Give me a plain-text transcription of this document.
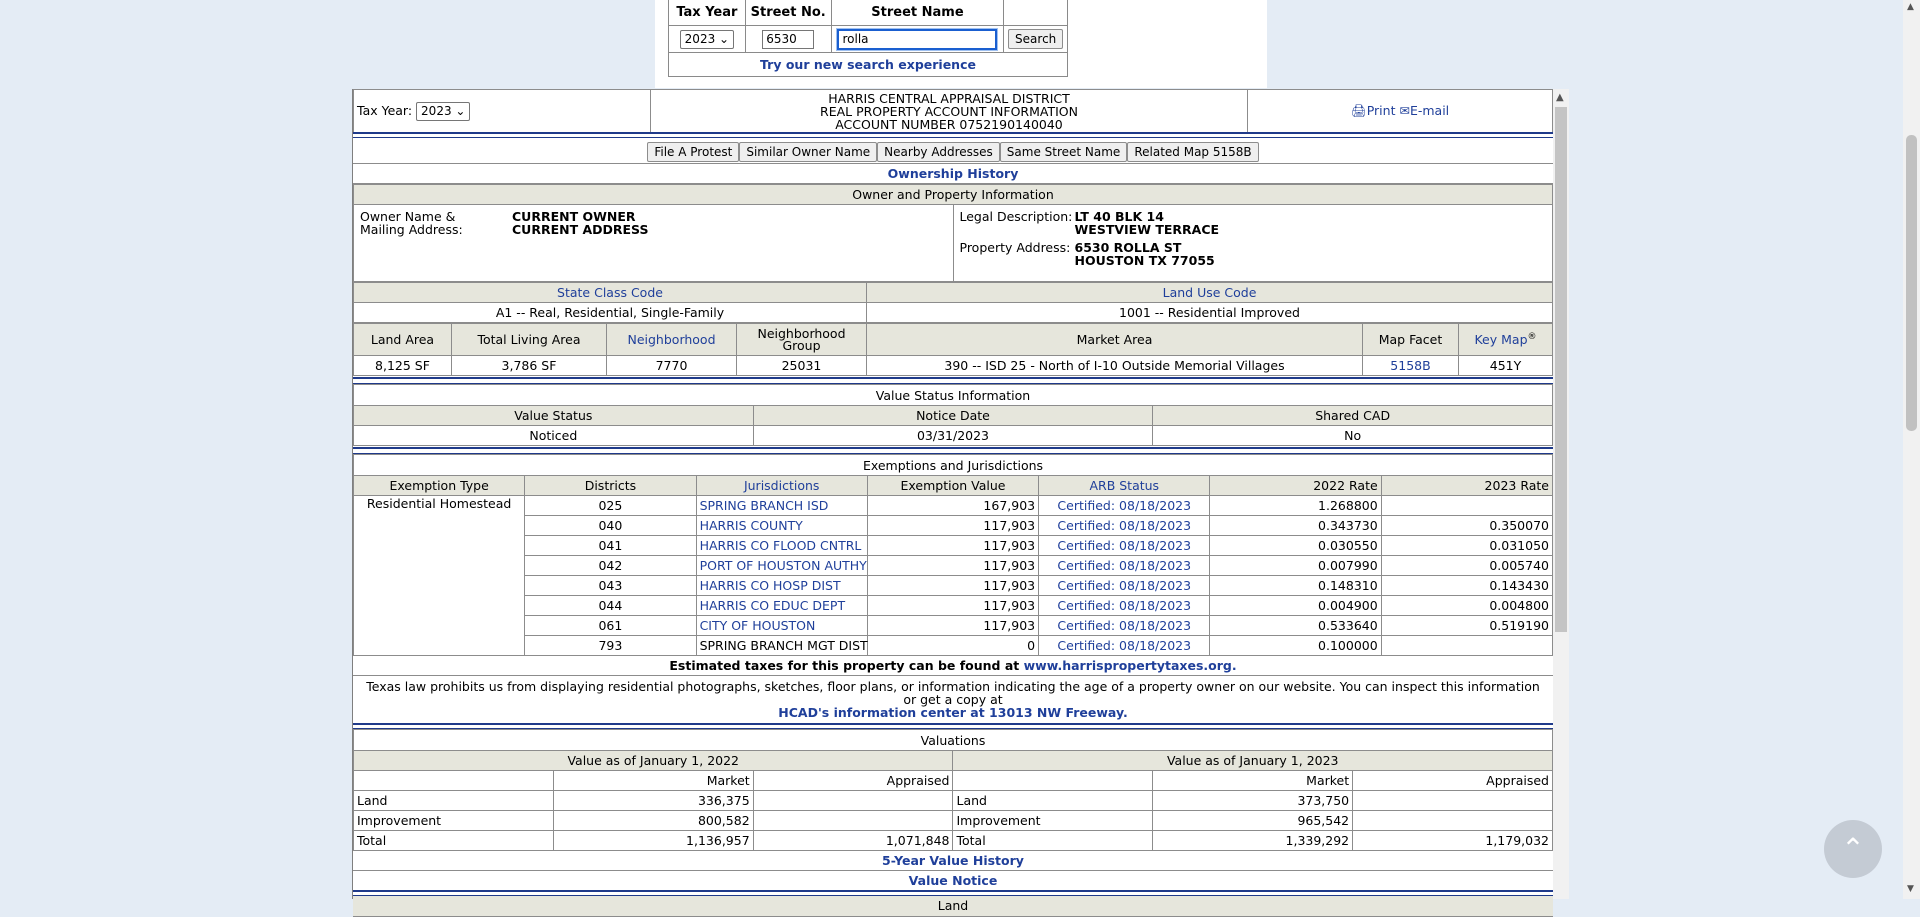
Tax Year	Street No.	Street Name	
2023 ⌄	6530	rolla	Search
Try our new search experience			
Tax Year: 2023 ⌄	
HARRIS CENTRAL APPRAISAL DISTRICT
REAL PROPERTY ACCOUNT INFORMATION
ACCOUNT NUMBER 0752190140040
	🖨Print ✉E-mail
File A Protest Similar Owner Name Nearby Addresses Same Street Name Related Map 5158B
Ownership History
Owner and Property Information

Owner Name &
Mailing Address:
CURRENT OWNER
CURRENT ADDRESS

Legal Description: LT 40 BLK 14
WESTVIEW TERRACE
Property Address: 6530 ROLLA ST
HOUSTON TX 77055
State Class Code	Land Use Code
A1 -- Real, Residential, Single-Family	1001 -- Residential Improved
Land Area	Total Living Area	Neighborhood	Neighborhood Group	Market Area	Map Facet	Key Map®
8,125 SF	3,786 SF	7770	25031	390 -- ISD 25 - North of I-10 Outside Memorial Villages	5158B	451Y
Value Status Information		
Value Status	Notice Date	Shared CAD
Noticed	03/31/2023	No
Exemptions and Jurisdictions						
Exemption Type	Districts	Jurisdictions	Exemption Value	ARB Status	2022 Rate	2023 Rate
Residential Homestead	025	SPRING BRANCH ISD	167,903	Certified: 08/18/2023	1.268800	
	040	HARRIS COUNTY	117,903	Certified: 08/18/2023	0.343730	0.350070
	041	HARRIS CO FLOOD CNTRL	117,903	Certified: 08/18/2023	0.030550	0.031050
	042	PORT OF HOUSTON AUTHY	117,903	Certified: 08/18/2023	0.007990	0.005740
	043	HARRIS CO HOSP DIST	117,903	Certified: 08/18/2023	0.148310	0.143430
	044	HARRIS CO EDUC DEPT	117,903	Certified: 08/18/2023	0.004900	0.004800
	061	CITY OF HOUSTON	117,903	Certified: 08/18/2023	0.533640	0.519190
	793	SPRING BRANCH MGT DIST	0	Certified: 08/18/2023	0.100000	
Estimated taxes for this property can be found at www.harrispropertytaxes.org.
Texas law prohibits us from displaying residential photographs, sketches, floor plans, or information indicating the age of a property owner on our website. You can inspect this information or get a copy at
HCAD's information center at 13013 NW Freeway.
Valuations					
Value as of January 1, 2022			Value as of January 1, 2023		
	Market	Appraised		Market	Appraised
Land	336,375		Land	373,750	
Improvement	800,582		Improvement	965,542	
Total	1,136,957	1,071,848	Total	1,339,292	1,179,032
5-Year Value History
Value Notice
Land
▲
▲
▼
⌃
